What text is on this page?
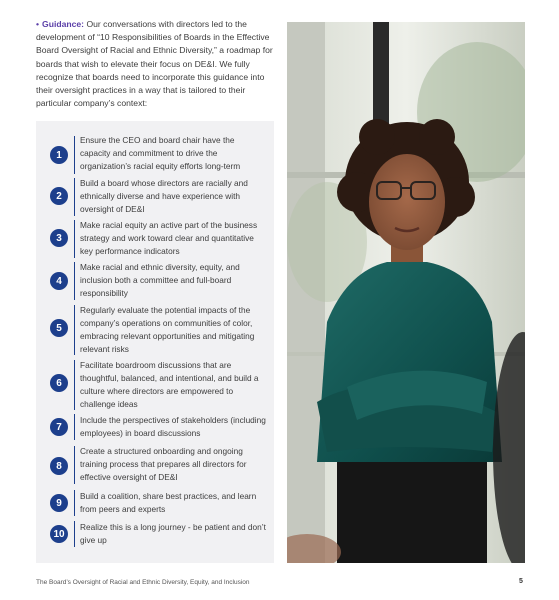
• Guidance: Our conversations with directors led to the development of “10 Responsibilities of Boards in the Effective Board Oversight of Racial and Ethnic Diversity,” a roadmap for boards that wish to elevate their focus on DE&I. We fully recognize that boards need to incorporate this guidance into their oversight practices in a way that is tailored to their particular company’s context:
1
Ensure the CEO and board chair have the capacity and commitment to drive the organization’s racial equity efforts long-term
2
Build a board whose directors are racially and ethnically diverse and have experience with oversight of DE&I
3
Make racial equity an active part of the business strategy and work toward clear and quantitative key performance indicators
4
Make racial and ethnic diversity, equity, and inclusion both a committee and full-board responsibility
5
Regularly evaluate the potential impacts of the company’s operations on communities of color, embracing relevant opportunities and mitigating relevant risks
6
Facilitate boardroom discussions that are thoughtful, balanced, and intentional, and build a culture where directors are empowered to challenge ideas
7
Include the perspectives of stakeholders (including employees) in board discussions
8
Create a structured onboarding and ongoing training process that prepares all directors for effective oversight of DE&I
9
Build a coalition, share best practices, and learn from peers and experts
10
Realize this is a long journey - be patient and don’t give up
The Board’s Oversight of Racial and Ethnic Diversity, Equity, and Inclusion	5
